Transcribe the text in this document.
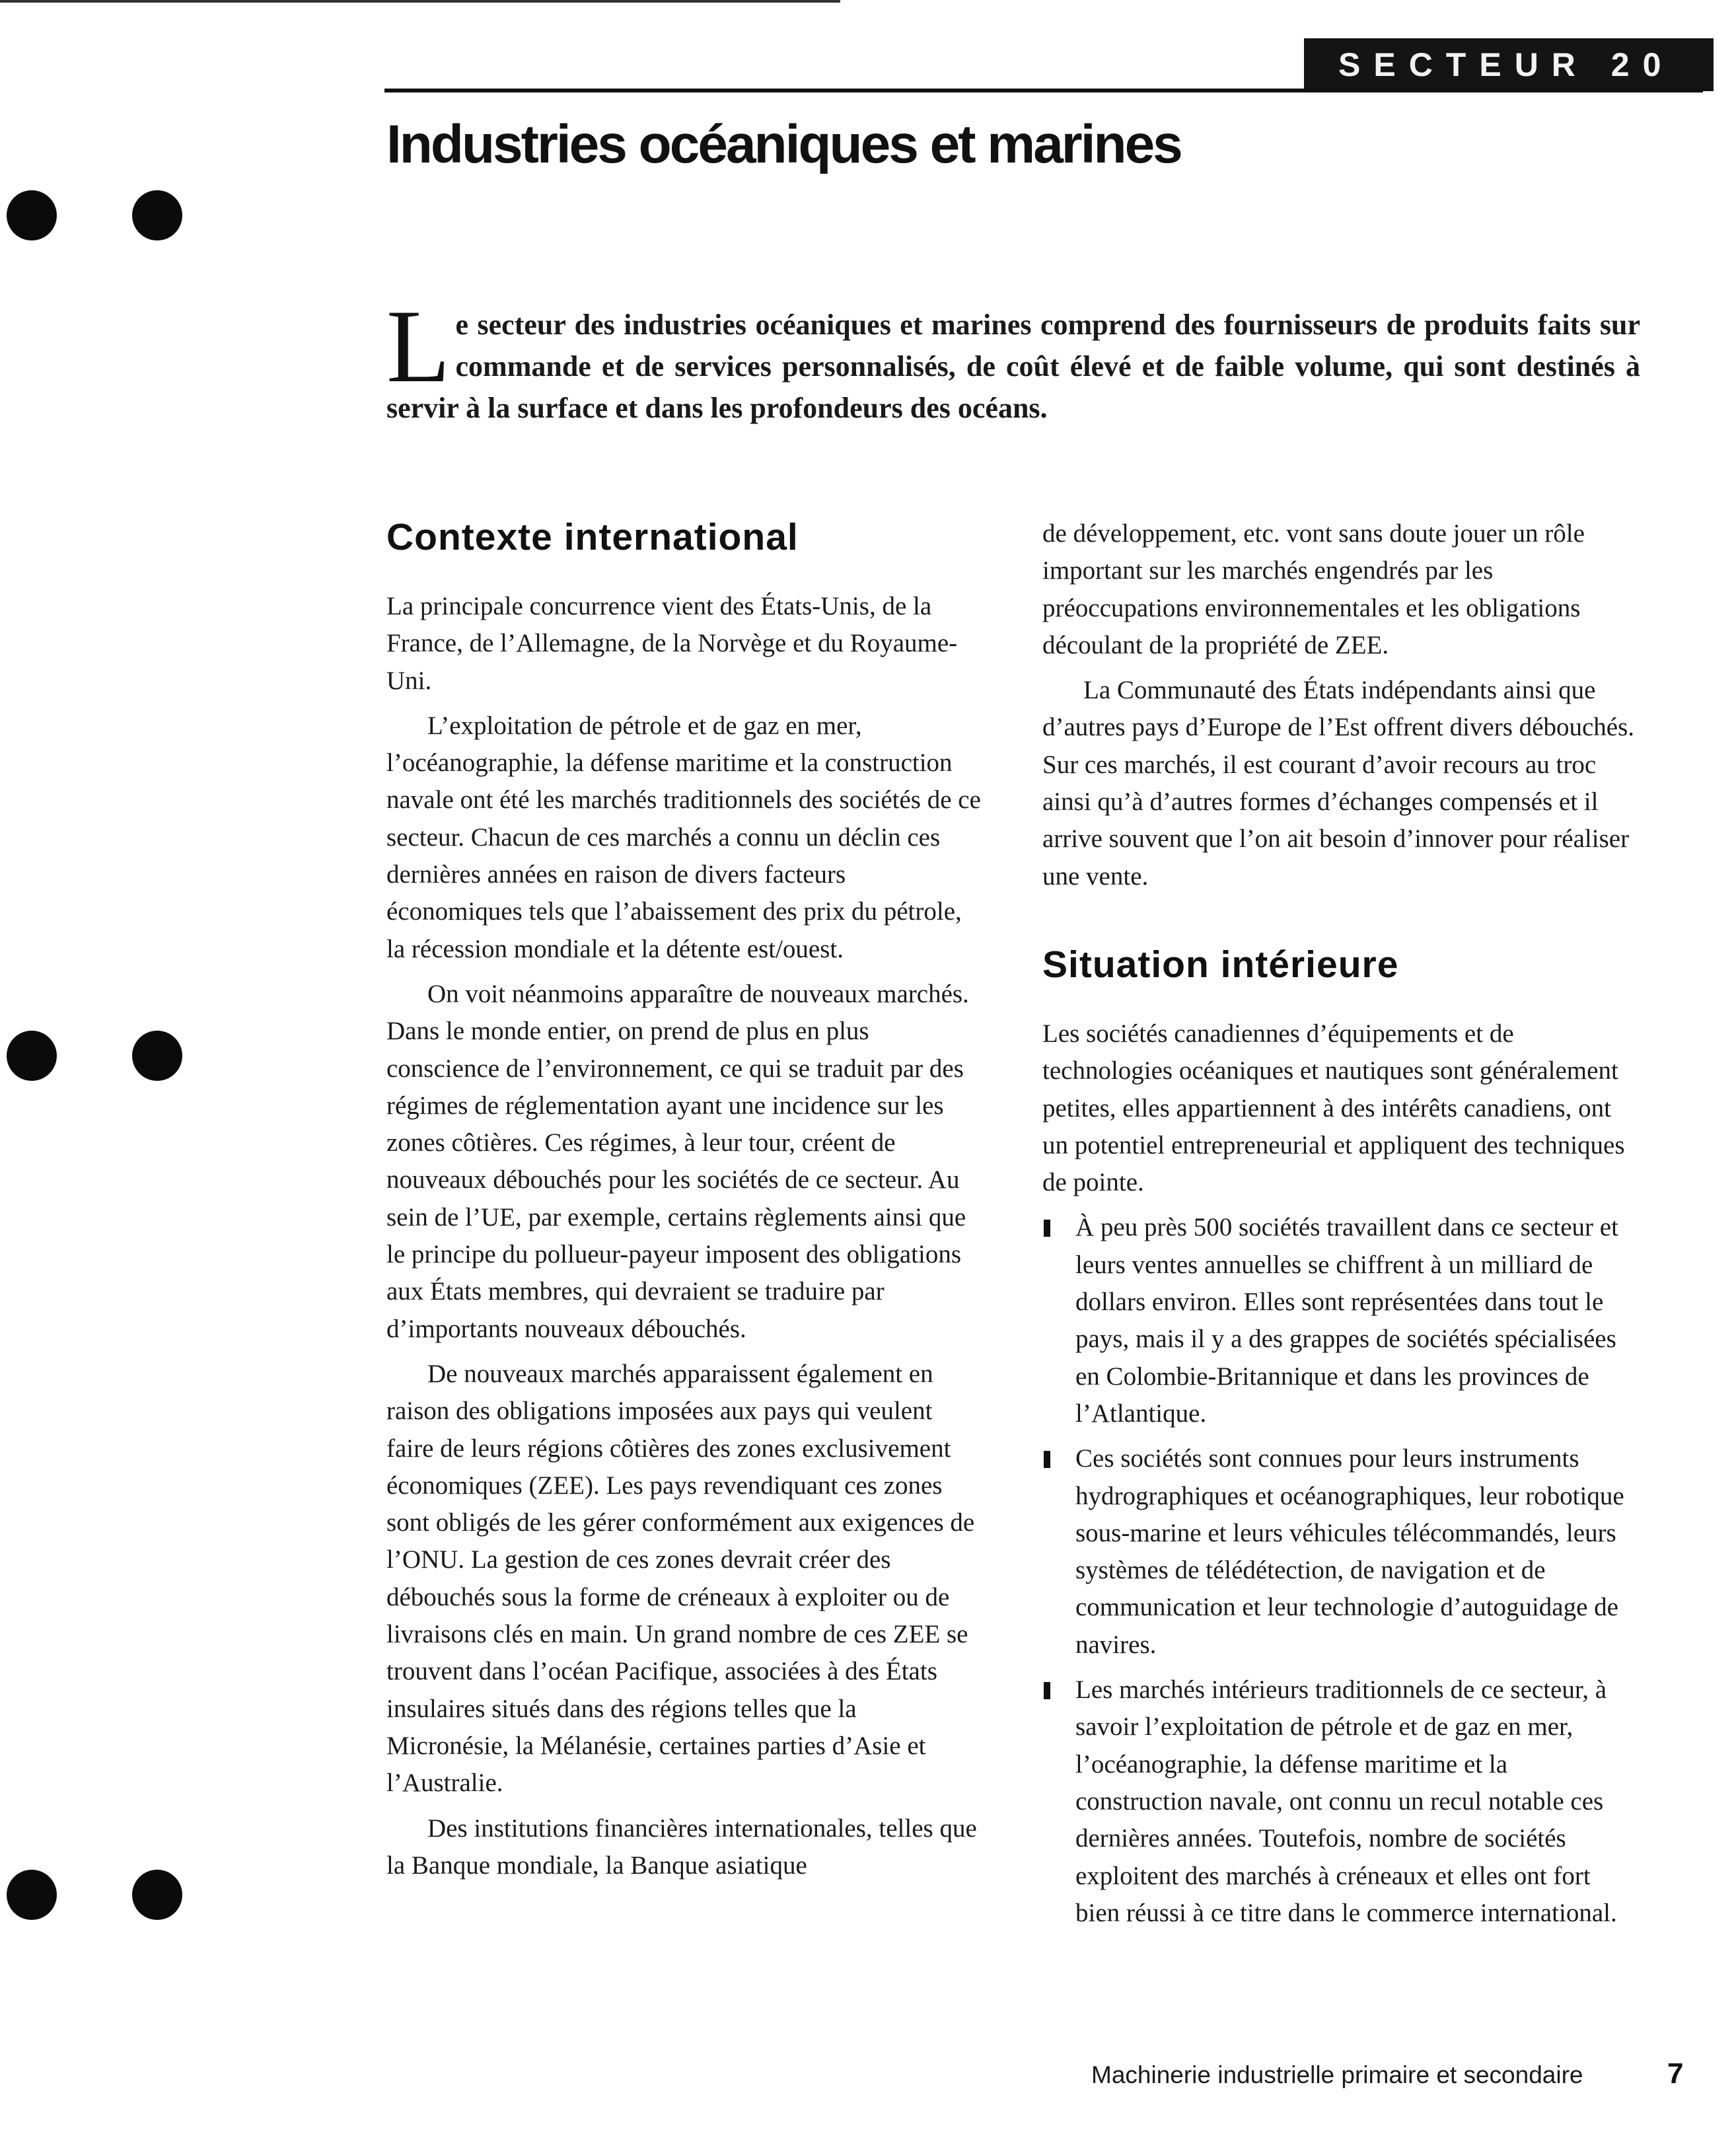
SECTEUR 20
Industries océaniques et marines

Le secteur des industries océaniques et marines comprend des fournisseurs de produits faits sur commande et de services personnalisés, de coût élevé et de faible volume, qui sont destinés à servir à la surface et dans les profondeurs des océans.

Contexte international

La principale concurrence vient des États-Unis, de la France, de l’Allemagne, de la Norvège et du Royaume-Uni.

L’exploitation de pétrole et de gaz en mer, l’océanographie, la défense maritime et la construction navale ont été les marchés traditionnels des sociétés de ce secteur. Chacun de ces marchés a connu un déclin ces dernières années en raison de divers facteurs économiques tels que l’abaissement des prix du pétrole, la récession mondiale et la détente est/ouest.

On voit néanmoins apparaître de nouveaux marchés. Dans le monde entier, on prend de plus en plus conscience de l’environnement, ce qui se traduit par des régimes de réglementation ayant une incidence sur les zones côtières. Ces régimes, à leur tour, créent de nouveaux débouchés pour les sociétés de ce secteur. Au sein de l’UE, par exemple, certains règlements ainsi que le principe du pollueur-payeur imposent des obligations aux États membres, qui devraient se traduire par d’importants nouveaux débouchés.

De nouveaux marchés apparaissent également en raison des obligations imposées aux pays qui veulent faire de leurs régions côtières des zones exclusivement économiques (ZEE). Les pays revendiquant ces zones sont obligés de les gérer conformément aux exigences de l’ONU. La gestion de ces zones devrait créer des débouchés sous la forme de créneaux à exploiter ou de livraisons clés en main. Un grand nombre de ces ZEE se trouvent dans l’océan Pacifique, associées à des États insulaires situés dans des régions telles que la Micronésie, la Mélanésie, certaines parties d’Asie et l’Australie.

Des institutions financières internationales, telles que la Banque mondiale, la Banque asiatique

de développement, etc. vont sans doute jouer un rôle important sur les marchés engendrés par les préoccupations environnementales et les obligations découlant de la propriété de ZEE.

La Communauté des États indépendants ainsi que d’autres pays d’Europe de l’Est offrent divers débouchés. Sur ces marchés, il est courant d’avoir recours au troc ainsi qu’à d’autres formes d’échanges compensés et il arrive souvent que l’on ait besoin d’innover pour réaliser une vente.

Situation intérieure

Les sociétés canadiennes d’équipements et de technologies océaniques et nautiques sont généralement petites, elles appartiennent à des intérêts canadiens, ont un potentiel entrepreneurial et appliquent des techniques de pointe.

À peu près 500 sociétés travaillent dans ce secteur et leurs ventes annuelles se chiffrent à un milliard de dollars environ. Elles sont représentées dans tout le pays, mais il y a des grappes de sociétés spécialisées en Colombie-Britannique et dans les provinces de l’Atlantique.
Ces sociétés sont connues pour leurs instruments hydrographiques et océanographiques, leur robotique sous-marine et leurs véhicules télécommandés, leurs systèmes de télédétection, de navigation et de communication et leur technologie d’autoguidage de navires.
Les marchés intérieurs traditionnels de ce secteur, à savoir l’exploitation de pétrole et de gaz en mer, l’océanographie, la défense maritime et la construction navale, ont connu un recul notable ces dernières années. Toutefois, nombre de sociétés exploitent des marchés à créneaux et elles ont fort bien réussi à ce titre dans le commerce international.
Machinerie industrielle primaire et secondaire	7
